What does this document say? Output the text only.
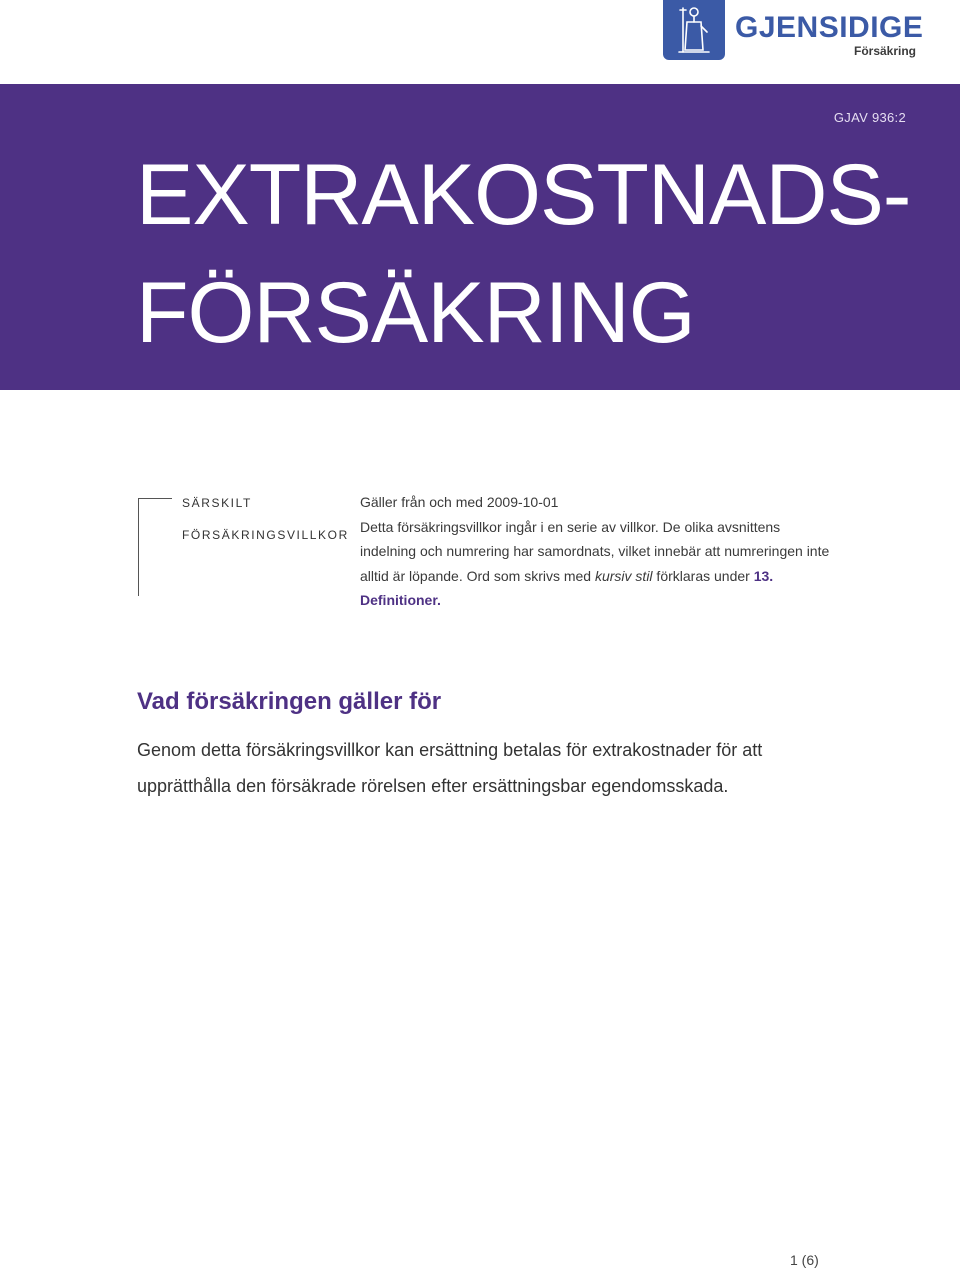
GJENSIDIGE
Försäkring
GJAV 936:2
EXTRAKOSTNADS-
FÖRSÄKRING
SÄRSKILT
FÖRSÄKRINGSVILLKOR

Gäller från och med 2009-10-01

Detta försäkringsvillkor ingår i en serie av villkor. De olika avsnittens indelning och numrering har samordnats, vilket innebär att numreringen inte alltid är löpande. Ord som skrivs med kursiv stil förklaras under 13. Definitioner.

Vad försäkringen gäller för

Genom detta försäkringsvillkor kan ersättning betalas för extrakostnader för att upprätthålla den försäkrade rörelsen efter ersättningsbar egendomsskada.

1 (6)
